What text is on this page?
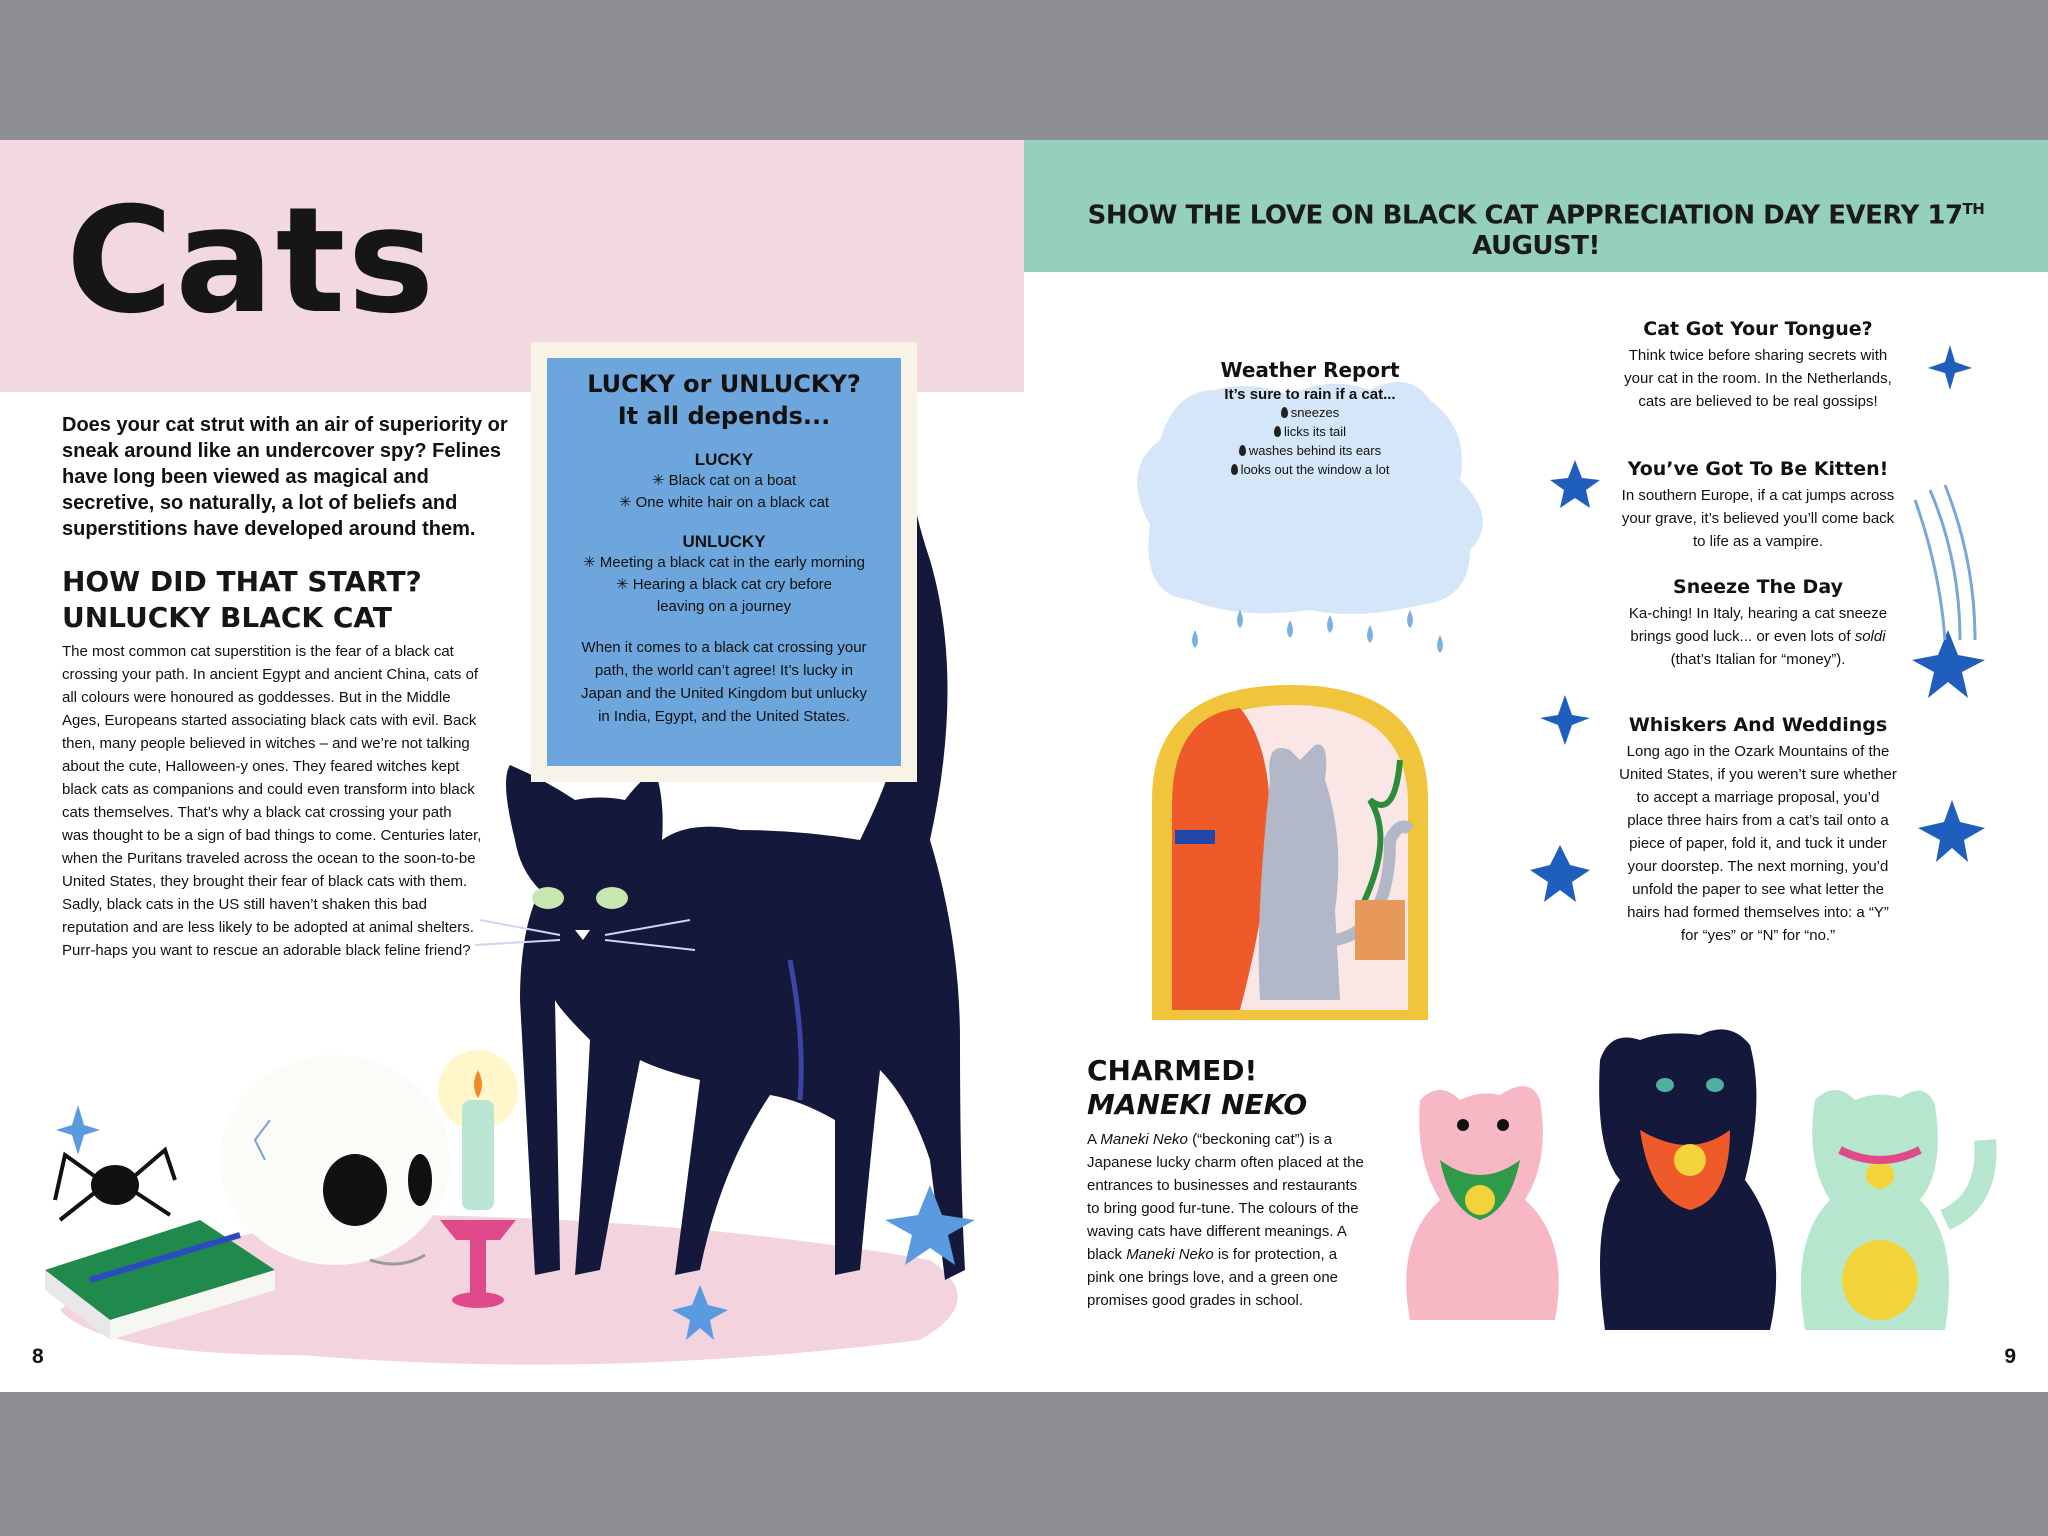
Cats	SHOW THE LOVE ON BLACK CAT APPRECIATION DAY EVERY 17TH AUGUST!

Does your cat strut with an air of superiority or sneak around like an undercover spy? Felines have long been viewed as magical and secretive, so naturally, a lot of beliefs and superstitions have developed around them.

HOW DID THAT START?
UNLUCKY BLACK CAT

The most common cat superstition is the fear of a black cat crossing your path. In ancient Egypt and ancient China, cats of all colours were honoured as goddesses. But in the Middle Ages, Europeans started associating black cats with evil. Back then, many people believed in witches – and we’re not talking about the cute, Halloween-y ones. They feared witches kept black cats as companions and could even transform into black cats themselves. That’s why a black cat crossing your path was thought to be a sign of bad things to come. Centuries later, when the Puritans traveled across the ocean to the soon-to-be United States, they brought their fear of black cats with them. Sadly, black cats in the US still haven’t shaken this bad reputation and are less likely to be adopted at animal shelters. Purr-haps you want to rescue an adorable black feline friend?

LUCKY or UNLUCKY?
It all depends...
LUCKY
✳ Black cat on a boat
✳ One white hair on a black cat
UNLUCKY
✳ Meeting a black cat in the early morning
✳ Hearing a black cat cry before
leaving on a journey

When it comes to a black cat crossing your path, the world can’t agree! It’s lucky in Japan and the United Kingdom but unlucky in India, Egypt, and the United States.

Weather Report
It’s sure to rain if a cat...
sneezes
licks its tail
washes behind its ears
looks out the window a lot
Cat Got Your Tongue?

Think twice before sharing secrets with your cat in the room. In the Netherlands, cats are believed to be real gossips!

You’ve Got To Be Kitten!

In southern Europe, if a cat jumps across your grave, it’s believed you’ll come back to life as a vampire.

Sneeze The Day

Ka-ching! In Italy, hearing a cat sneeze brings good luck... or even lots of soldi (that’s Italian for “money”).

Whiskers And Weddings

Long ago in the Ozark Mountains of the United States, if you weren’t sure whether to accept a marriage proposal, you’d place three hairs from a cat’s tail onto a piece of paper, fold it, and tuck it under your doorstep. The next morning, you’d unfold the paper to see what letter the hairs had formed themselves into: a “Y” for “yes” or “N” for “no.”

CHARMED!
MANEKI NEKO

A Maneki Neko (“beckoning cat”) is a Japanese lucky charm often placed at the entrances to businesses and restaurants to bring good fur-tune. The colours of the waving cats have different meanings. A black Maneki Neko is for protection, a pink one brings love, and a green one promises good grades in school.

8	9
